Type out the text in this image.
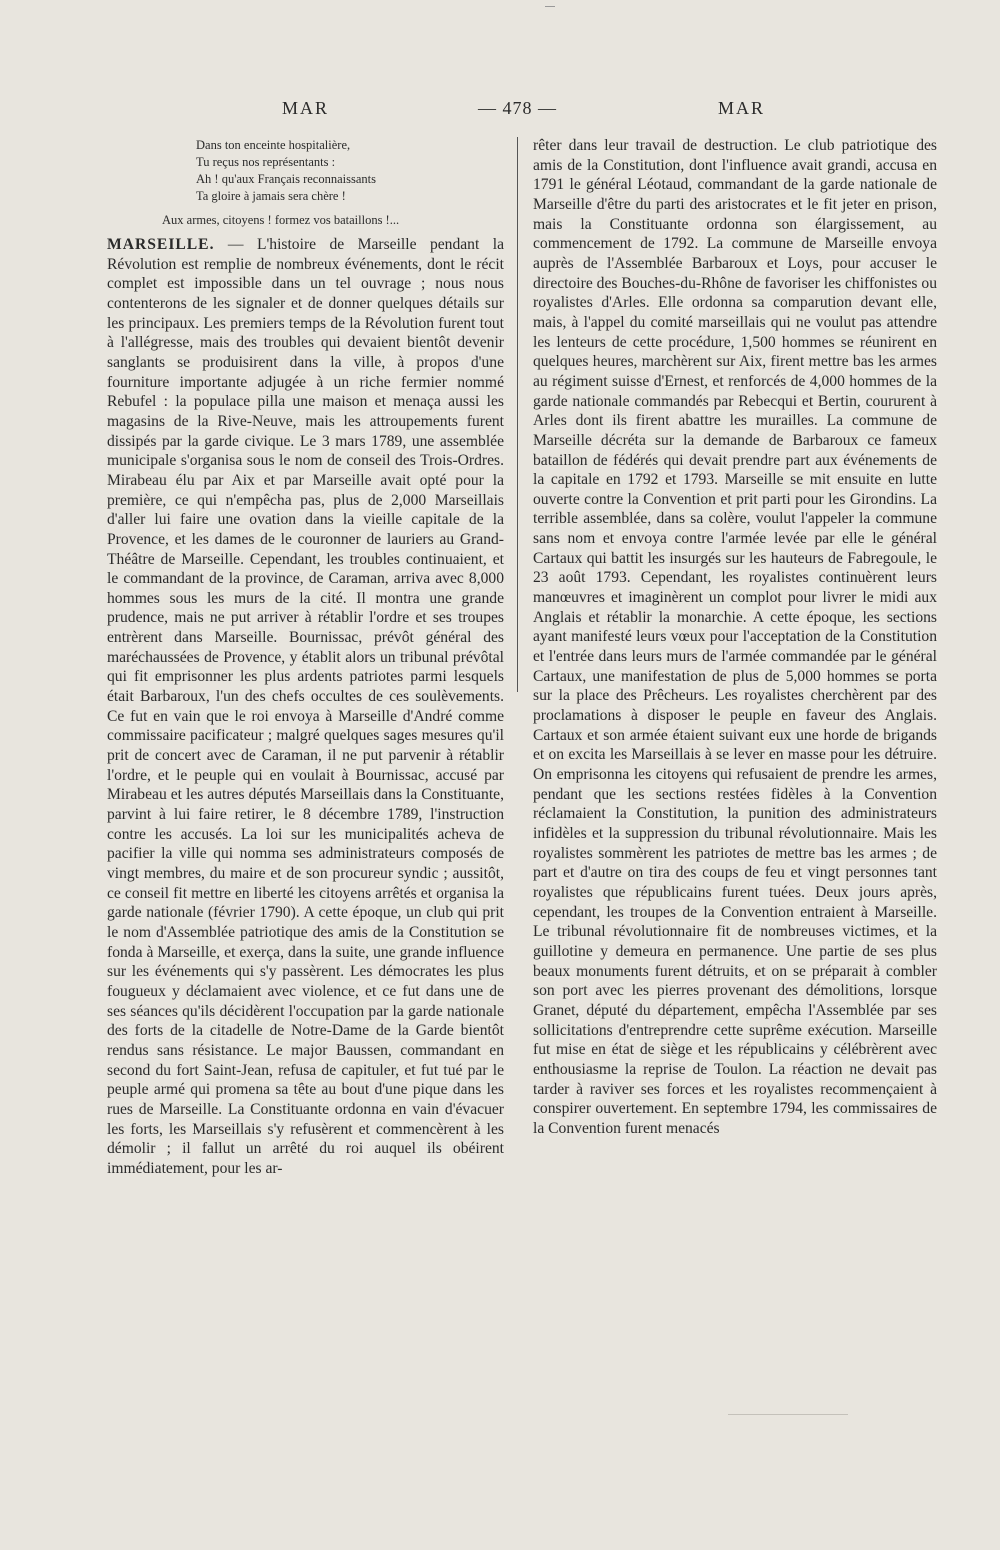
MAR	— 478 —	MAR
Dans ton enceinte hospitalière,
Tu reçus nos représentants :
Ah ! qu'aux Français reconnaissants
Ta gloire à jamais sera chère !
Aux armes, citoyens ! formez vos bataillons !...
MARSEILLE. — L'histoire de Marseille pendant la Révolution est remplie de nombreux événements, dont le récit complet est impossible dans un tel ouvrage ; nous nous contenterons de les signaler et de donner quelques détails sur les principaux. Les premiers temps de la Révolution furent tout à l'allégresse, mais des troubles qui devaient bientôt devenir sanglants se produisirent dans la ville, à propos d'une fourniture importante adjugée à un riche fermier nommé Rebufel : la populace pilla une maison et menaça aussi les magasins de la Rive-Neuve, mais les attroupements furent dissipés par la garde civique. Le 3 mars 1789, une assemblée municipale s'organisa sous le nom de conseil des Trois-Ordres. Mirabeau élu par Aix et par Marseille avait opté pour la première, ce qui n'empêcha pas, plus de 2,000 Marseillais d'aller lui faire une ovation dans la vieille capitale de la Provence, et les dames de le couronner de lauriers au Grand-Théâtre de Marseille. Cependant, les troubles continuaient, et le commandant de la province, de Caraman, arriva avec 8,000 hommes sous les murs de la cité. Il montra une grande prudence, mais ne put arriver à rétablir l'ordre et ses troupes entrèrent dans Marseille. Bournissac, prévôt général des maréchaussées de Provence, y établit alors un tribunal prévôtal qui fit emprisonner les plus ardents patriotes parmi lesquels était Barbaroux, l'un des chefs occultes de ces soulèvements. Ce fut en vain que le roi envoya à Marseille d'André comme commissaire pacificateur ; malgré quelques sages mesures qu'il prit de concert avec de Caraman, il ne put parvenir à rétablir l'ordre, et le peuple qui en voulait à Bournissac, accusé par Mirabeau et les autres députés Marseillais dans la Constituante, parvint à lui faire retirer, le 8 décembre 1789, l'instruction contre les accusés. La loi sur les municipalités acheva de pacifier la ville qui nomma ses administrateurs composés de vingt membres, du maire et de son procureur syndic ; aussitôt, ce conseil fit mettre en liberté les citoyens arrêtés et organisa la garde nationale (février 1790). A cette époque, un club qui prit le nom d'Assemblée patriotique des amis de la Constitution se fonda à Marseille, et exerça, dans la suite, une grande influence sur les événements qui s'y passèrent. Les démocrates les plus fougueux y déclamaient avec violence, et ce fut dans une de ses séances qu'ils décidèrent l'occupation par la garde nationale des forts de la citadelle de Notre-Dame de la Garde bientôt rendus sans résistance. Le major Baussen, commandant en second du fort Saint-Jean, refusa de capituler, et fut tué par le peuple armé qui promena sa tête au bout d'une pique dans les rues de Marseille. La Constituante ordonna en vain d'évacuer les forts, les Marseillais s'y refusèrent et commencèrent à les démolir ; il fallut un arrêté du roi auquel ils obéirent immédiatement, pour les ar-
rêter dans leur travail de destruction. Le club patriotique des amis de la Constitution, dont l'influence avait grandi, accusa en 1791 le général Léotaud, commandant de la garde nationale de Marseille d'être du parti des aristocrates et le fit jeter en prison, mais la Constituante ordonna son élargissement, au commencement de 1792. La commune de Marseille envoya auprès de l'Assemblée Barbaroux et Loys, pour accuser le directoire des Bouches-du-Rhône de favoriser les chiffonistes ou royalistes d'Arles. Elle ordonna sa comparution devant elle, mais, à l'appel du comité marseillais qui ne voulut pas attendre les lenteurs de cette procédure, 1,500 hommes se réunirent en quelques heures, marchèrent sur Aix, firent mettre bas les armes au régiment suisse d'Ernest, et renforcés de 4,000 hommes de la garde nationale commandés par Rebecqui et Bertin, coururent à Arles dont ils firent abattre les murailles. La commune de Marseille décréta sur la demande de Barbaroux ce fameux bataillon de fédérés qui devait prendre part aux événements de la capitale en 1792 et 1793. Marseille se mit ensuite en lutte ouverte contre la Convention et prit parti pour les Girondins. La terrible assemblée, dans sa colère, voulut l'appeler la commune sans nom et envoya contre l'armée levée par elle le général Cartaux qui battit les insurgés sur les hauteurs de Fabregoule, le 23 août 1793. Cependant, les royalistes continuèrent leurs manœuvres et imaginèrent un complot pour livrer le midi aux Anglais et rétablir la monarchie. A cette époque, les sections ayant manifesté leurs vœux pour l'acceptation de la Constitution et l'entrée dans leurs murs de l'armée commandée par le général Cartaux, une manifestation de plus de 5,000 hommes se porta sur la place des Prêcheurs. Les royalistes cherchèrent par des proclamations à disposer le peuple en faveur des Anglais. Cartaux et son armée étaient suivant eux une horde de brigands et on excita les Marseillais à se lever en masse pour les détruire. On emprisonna les citoyens qui refusaient de prendre les armes, pendant que les sections restées fidèles à la Convention réclamaient la Constitution, la punition des administrateurs infidèles et la suppression du tribunal révolutionnaire. Mais les royalistes sommèrent les patriotes de mettre bas les armes ; de part et d'autre on tira des coups de feu et vingt personnes tant royalistes que républicains furent tuées. Deux jours après, cependant, les troupes de la Convention entraient à Marseille. Le tribunal révolutionnaire fit de nombreuses victimes, et la guillotine y demeura en permanence. Une partie de ses plus beaux monuments furent détruits, et on se préparait à combler son port avec les pierres provenant des démolitions, lorsque Granet, député du département, empêcha l'Assemblée par ses sollicitations d'entreprendre cette suprême exécution. Marseille fut mise en état de siège et les républicains y célébrèrent avec enthousiasme la reprise de Toulon. La réaction ne devait pas tarder à raviver ses forces et les royalistes recommençaient à conspirer ouvertement. En septembre 1794, les commissaires de la Convention furent menacés
